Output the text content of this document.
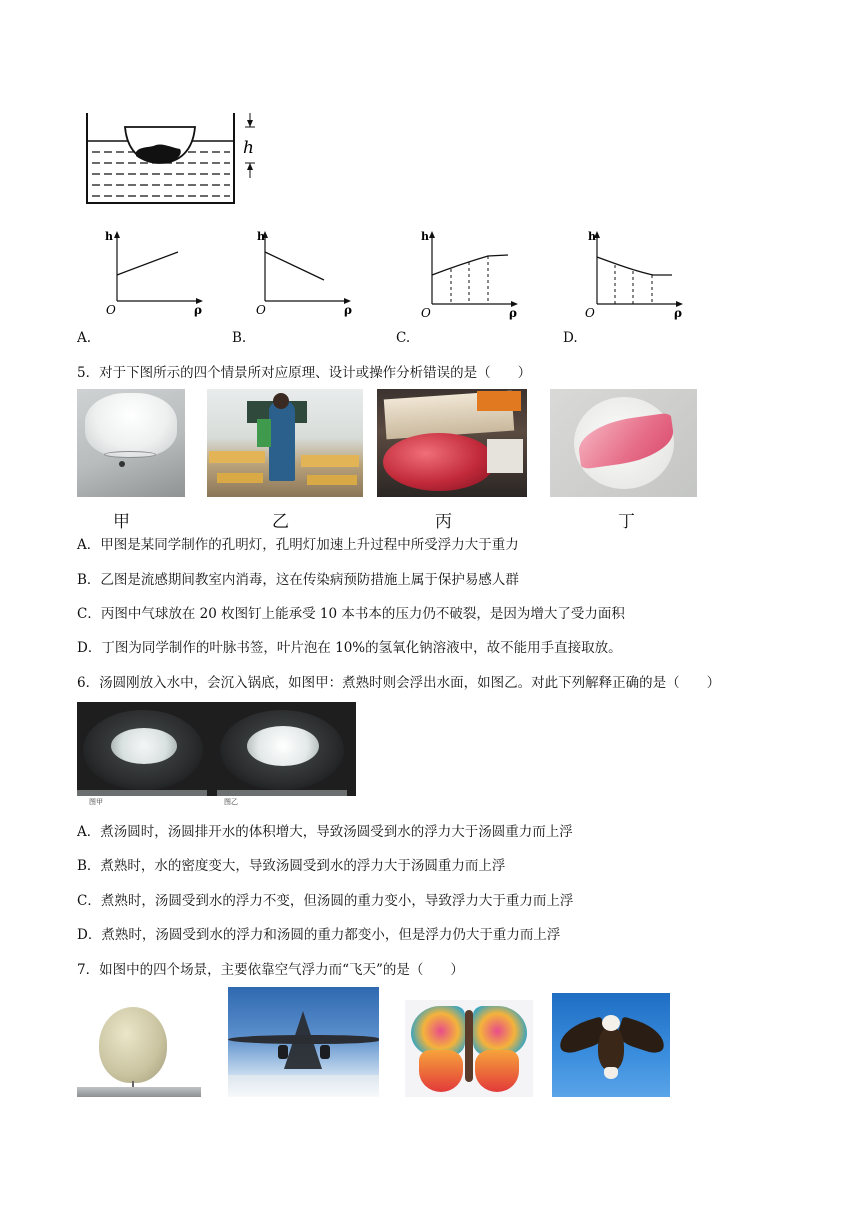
h
h
O	ρ
h
O	ρ
h
O	ρ
h
O	ρ
A.	B.	C.	D.
5．对于下图所示的四个情景所对应原理、设计或操作分析错误的是（　　）
甲	乙	丙	丁
A．甲图是某同学制作的孔明灯，孔明灯加速上升过程中所受浮力大于重力
B．乙图是流感期间教室内消毒，这在传染病预防措施上属于保护易感人群
C．丙图中气球放在 20 枚图钉上能承受 10 本书本的压力仍不破裂，是因为增大了受力面积
D．丁图为同学制作的叶脉书签，叶片泡在 10%的氢氧化钠溶液中，故不能用手直接取放。
6．汤圆刚放入水中，会沉入锅底，如图甲：煮熟时则会浮出水面，如图乙。对此下列解释正确的是（　　）
图甲	图乙
A．煮汤圆时，汤圆排开水的体积增大，导致汤圆受到水的浮力大于汤圆重力而上浮
B．煮熟时，水的密度变大，导致汤圆受到水的浮力大于汤圆重力而上浮
C．煮熟时，汤圆受到水的浮力不变，但汤圆的重力变小，导致浮力大于重力而上浮
D．煮熟时，汤圆受到水的浮力和汤圆的重力都变小，但是浮力仍大于重力而上浮
7．如图中的四个场景，主要依靠空气浮力而“飞天”的是（　　）
